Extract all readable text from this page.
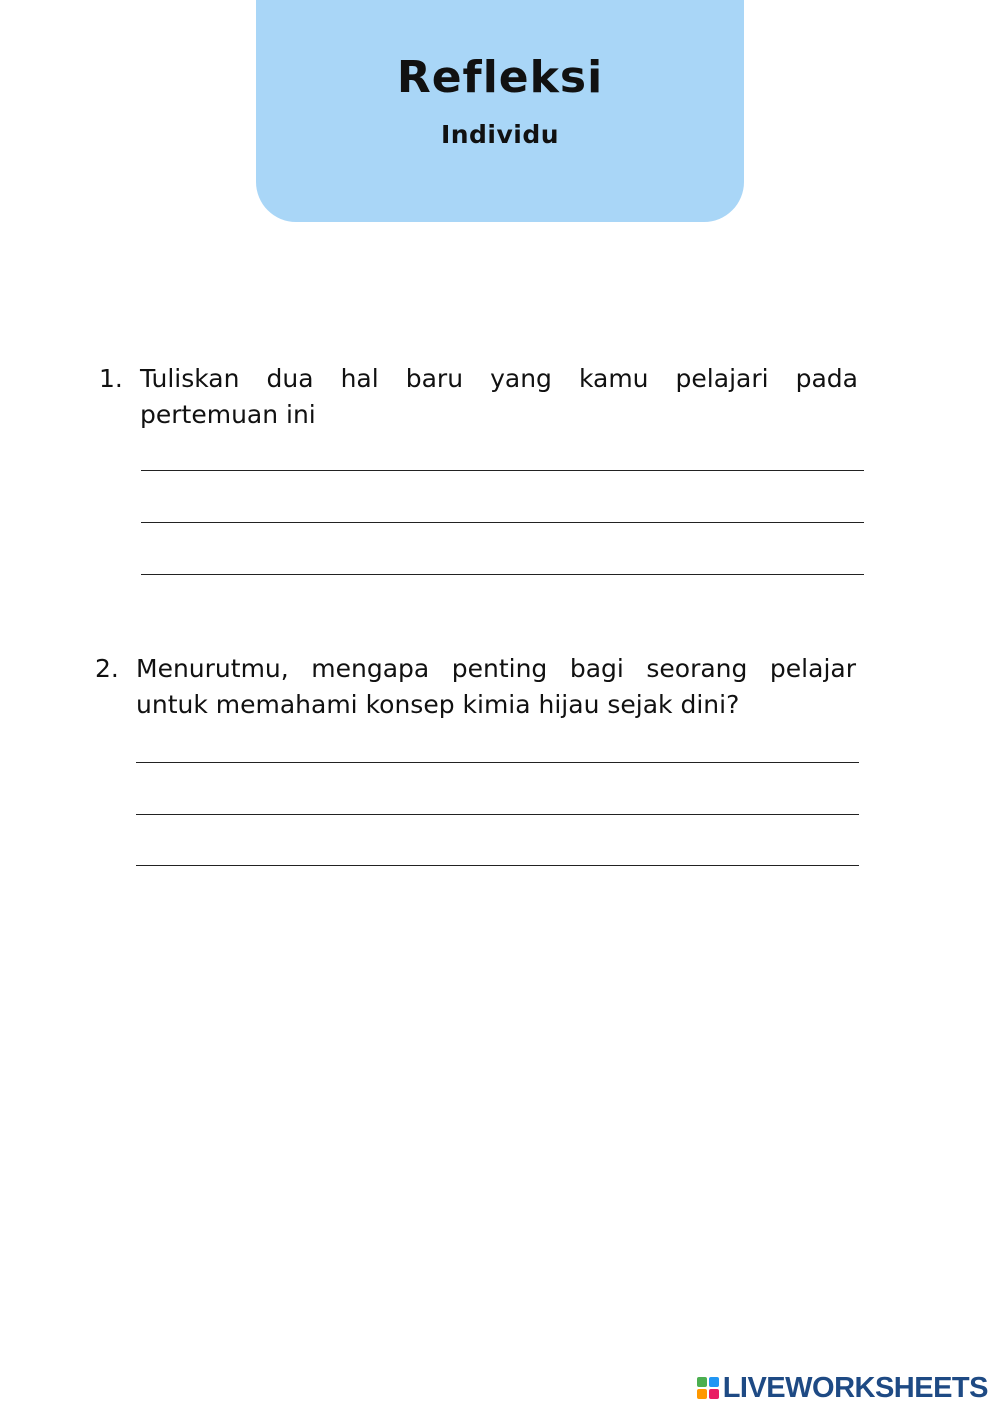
Refleksi
Individu
1. Tuliskan dua hal baru yang kamu pelajari pada pertemuan ini
2. Menurutmu, mengapa penting bagi seorang pelajar untuk memahami konsep kimia hijau sejak dini?
LIVEWORKSHEETS
